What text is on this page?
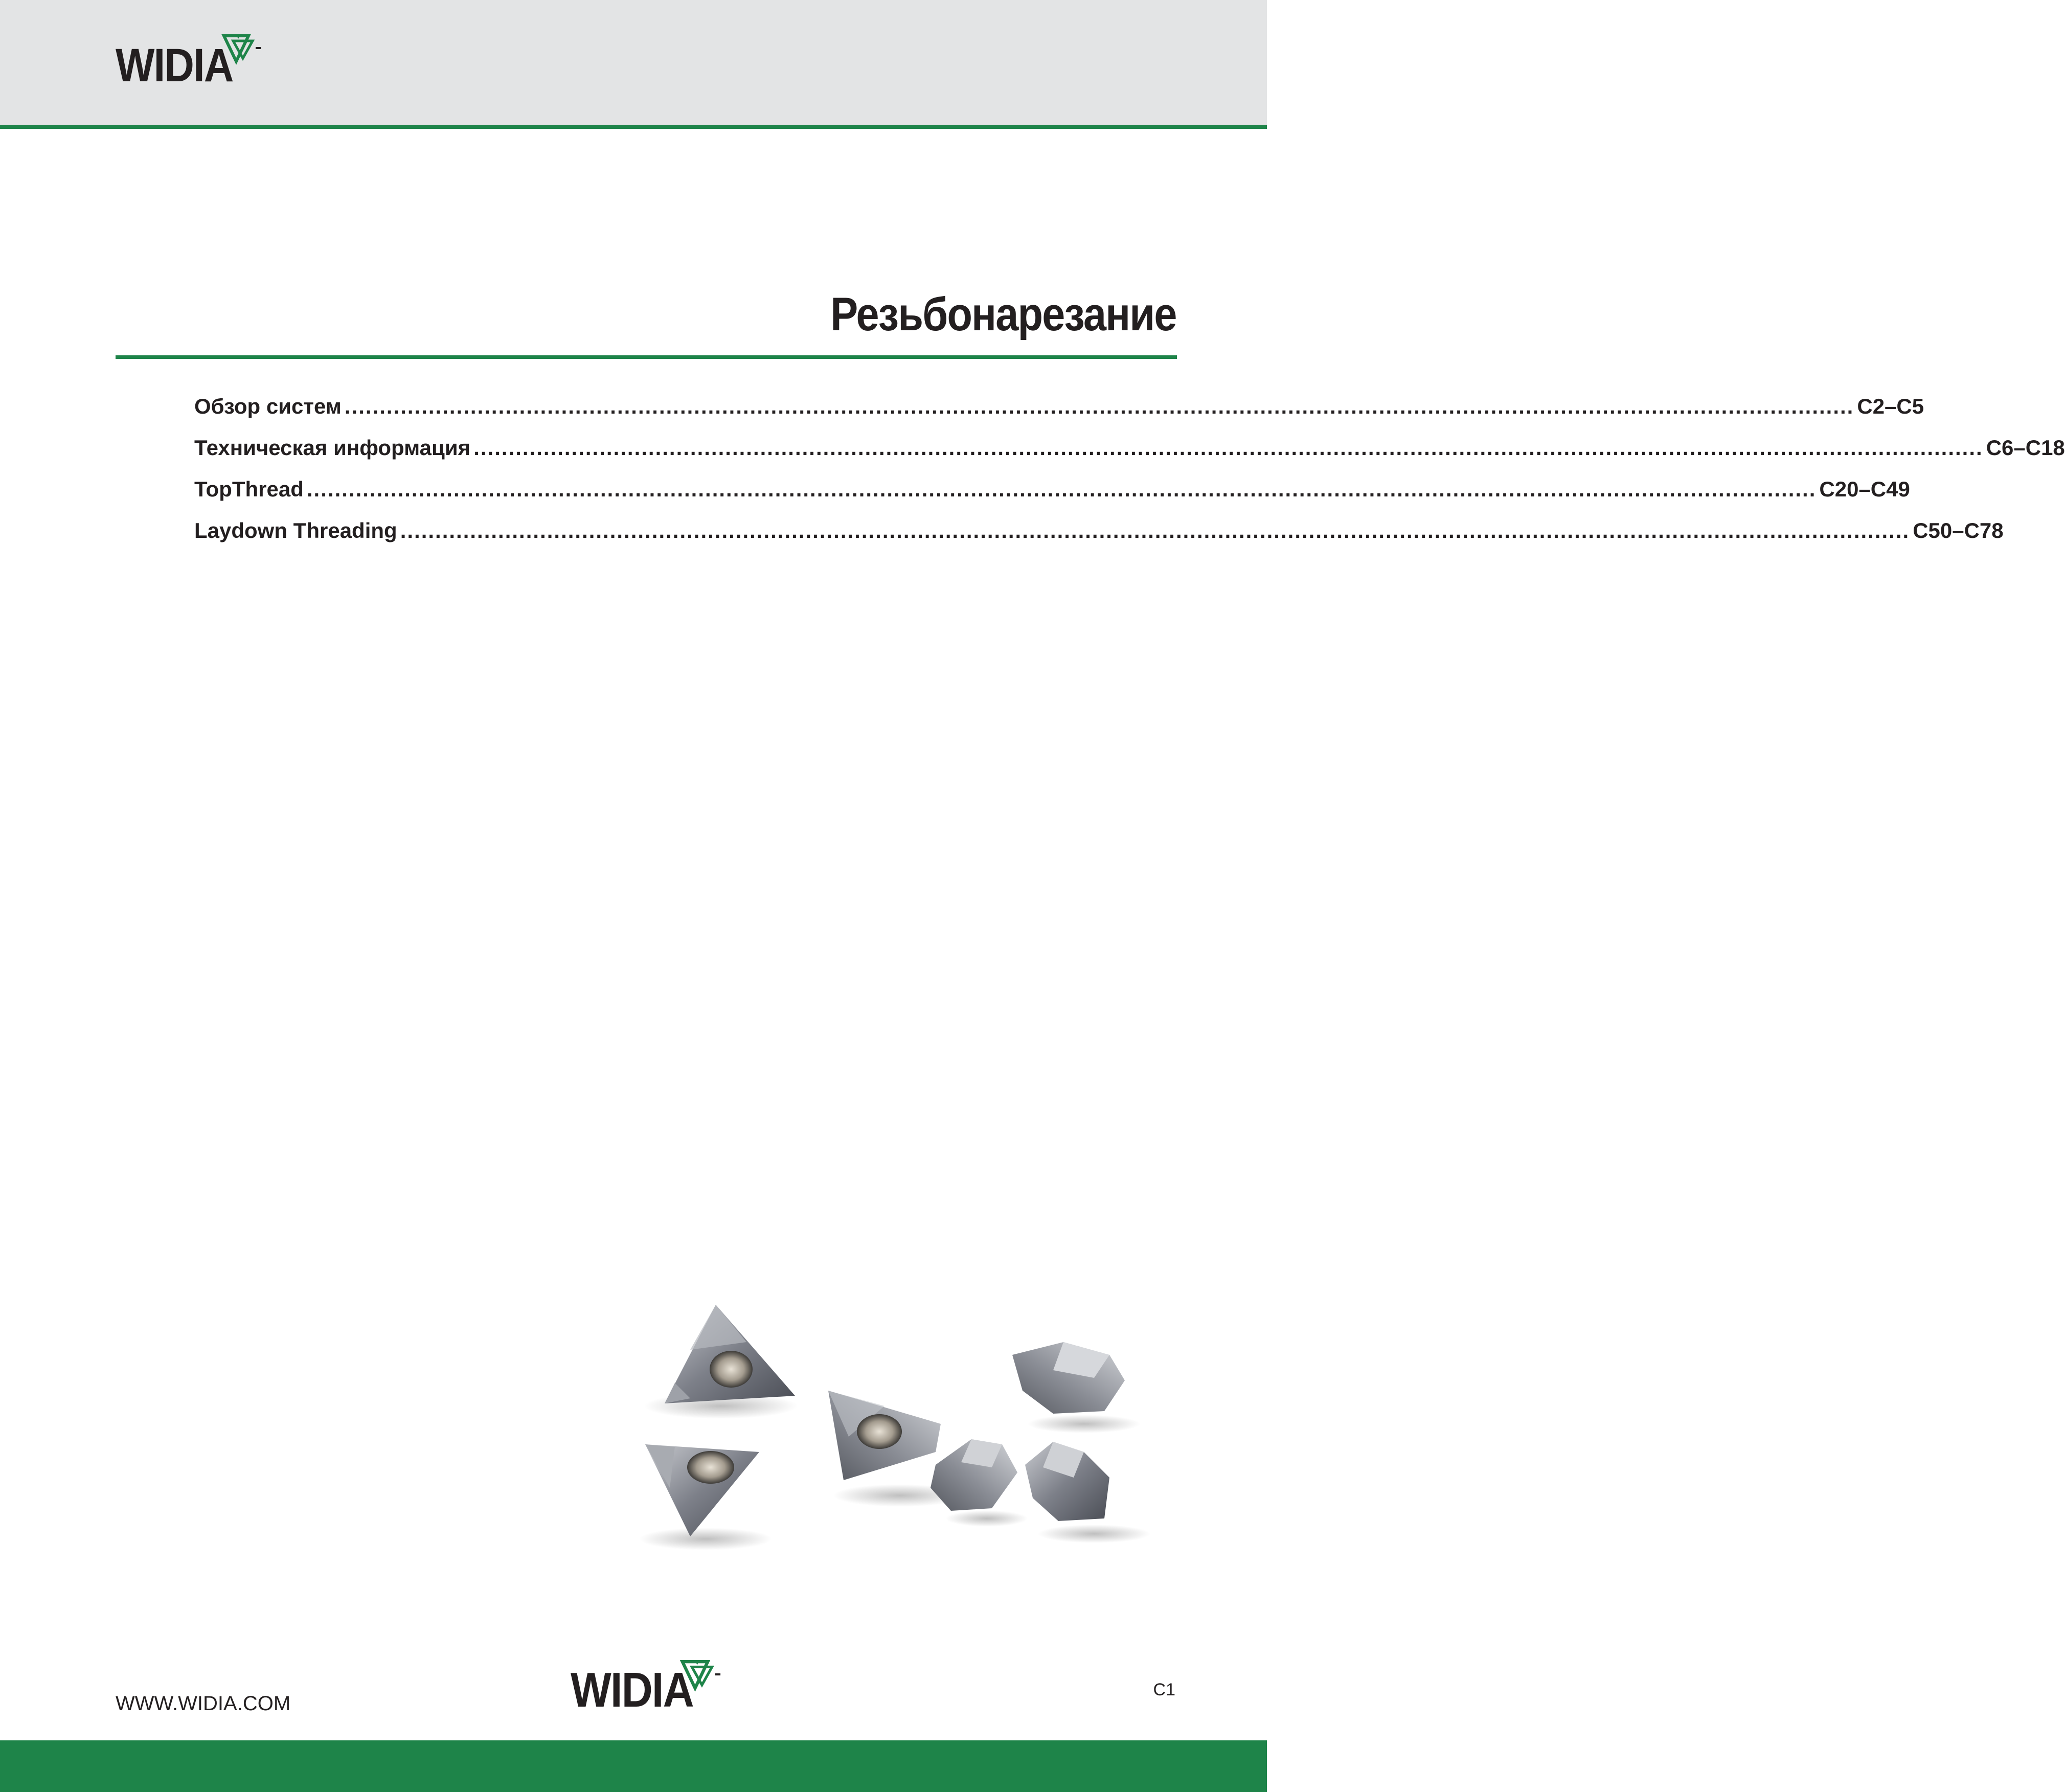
WIDIA
Резьбонарезание
Обзор систем ........................................................................................................................................................................................................................ C2–C5
Техническая информация ........................................................................................................................................................................................................................ C6–C18
TopThread ........................................................................................................................................................................................................................ C20–C49
Laydown Threading ........................................................................................................................................................................................................................ C50–C78
WWW.WIDIA.COM	WIDIA	C1
